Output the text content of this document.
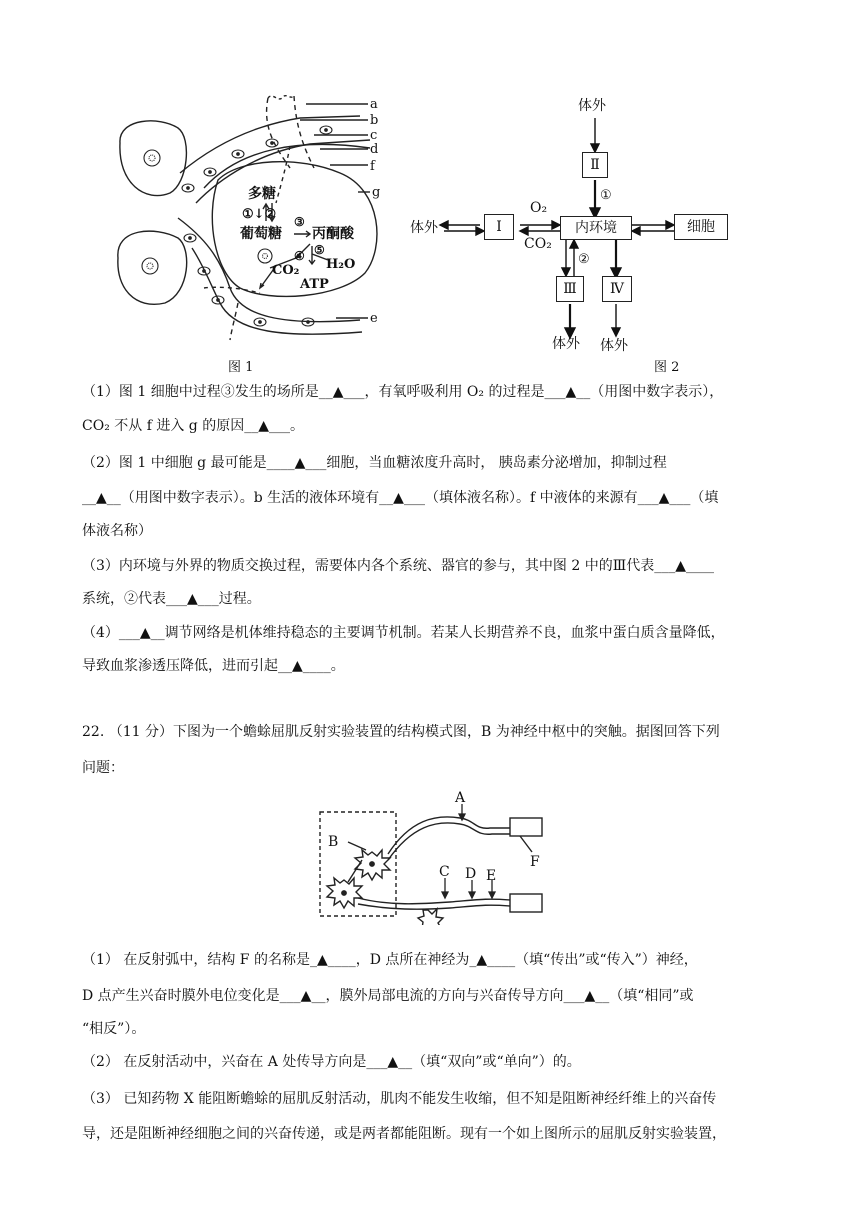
a
b
c
d
f
g
e
多糖
①↓② ③
葡萄糖 丙酮酸
④ ⑤
CO₂ H₂O
ATP
图 1
体外
Ⅱ
①
体外	Ⅰ
O₂
CO₂
内环境	细胞
②
Ⅲ	Ⅳ
体外 体外
图 2
（1）图 1 细胞中过程③发生的场所是__▲___，有氧呼吸利用 O₂ 的过程是___▲__（用图中数字表示），
CO₂ 不从 f 进入 g 的原因__▲___。
（2）图 1 中细胞 g 最可能是____▲___细胞，当血糖浓度升高时， 胰岛素分泌增加，抑制过程
__▲__（用图中数字表示）。b 生活的液体环境有__▲___（填体液名称）。f 中液体的来源有___▲___（填
体液名称）
（3）内环境与外界的物质交换过程，需要体内各个系统、器官的参与，其中图 2 中的Ⅲ代表___▲____
系统，②代表___▲___过程。
（4）___▲__调节网络是机体维持稳态的主要调节机制。若某人长期营养不良，血浆中蛋白质含量降低，
导致血浆渗透压降低，进而引起__▲____。
22. （11 分）下图为一个蟾蜍屈肌反射实验装置的结构模式图，B 为神经中枢中的突触。据图回答下列
问题：
A
B
C D E
F
（1） 在反射弧中，结构 F 的名称是_▲____，D 点所在神经为_▲____（填“传出”或“传入”）神经，
D 点产生兴奋时膜外电位变化是___▲__，膜外局部电流的方向与兴奋传导方向___▲__（填“相同”或
“相反”）。
（2） 在反射活动中，兴奋在 A 处传导方向是___▲__（填“双向”或“单向”）的。
（3） 已知药物 X 能阻断蟾蜍的屈肌反射活动，肌肉不能发生收缩，但不知是阻断神经纤维上的兴奋传
导，还是阻断神经细胞之间的兴奋传递，或是两者都能阻断。现有一个如上图所示的屈肌反射实验装置，
